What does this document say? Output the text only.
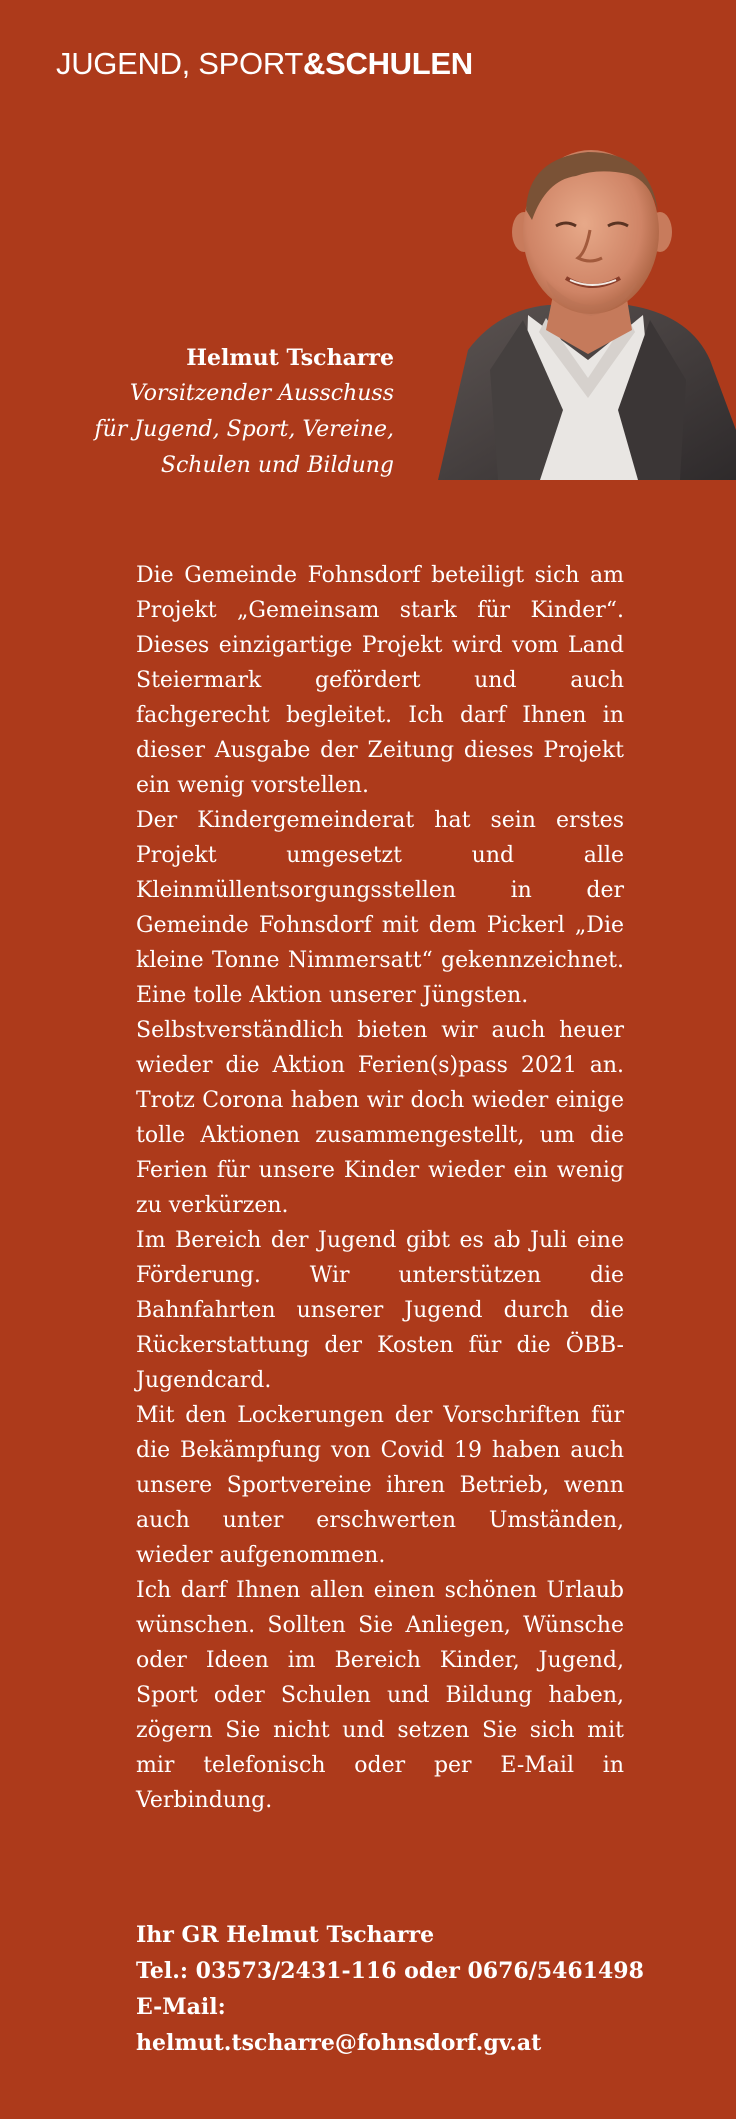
JUGEND, SPORT&SCHULEN
Helmut Tscharre
Vorsitzender Ausschuss
für Jugend, Sport, Vereine,
Schulen und Bildung

Die Gemeinde Fohnsdorf beteiligt sich am Projekt „Gemeinsam stark für Kinder“. Dieses einzigartige Projekt wird vom Land Steiermark gefördert und auch fachgerecht begleitet. Ich darf Ihnen in dieser Ausgabe der Zeitung dieses Projekt ein wenig vorstellen.

Der Kindergemeinderat hat sein erstes Projekt umgesetzt und alle Kleinmüllentsorgungsstellen in der Gemeinde Fohnsdorf mit dem Pickerl „Die kleine Tonne Nimmersatt“ gekennzeichnet. Eine tolle Aktion unserer Jüngsten.

Selbstverständlich bieten wir auch heuer wieder die Aktion Ferien(s)pass 2021 an. Trotz Corona haben wir doch wieder einige tolle Aktionen zusammengestellt, um die Ferien für unsere Kinder wieder ein wenig zu verkürzen.

Im Bereich der Jugend gibt es ab Juli eine Förderung. Wir unterstützen die Bahnfahrten unserer Jugend durch die Rückerstattung der Kosten für die ÖBB-Jugendcard.

Mit den Lockerungen der Vorschriften für die Bekämpfung von Covid 19 haben auch unsere Sportvereine ihren Betrieb, wenn auch unter erschwerten Umständen, wieder aufgenommen.

Ich darf Ihnen allen einen schönen Urlaub wünschen. Sollten Sie Anliegen, Wünsche oder Ideen im Bereich Kinder, Jugend, Sport oder Schulen und Bildung haben, zögern Sie nicht und setzen Sie sich mit mir telefonisch oder per E-Mail in Verbindung.

Ihr GR Helmut Tscharre
Tel.: 03573/2431-116 oder 0676/5461498
E-Mail:
helmut.tscharre@fohnsdorf.gv.at
